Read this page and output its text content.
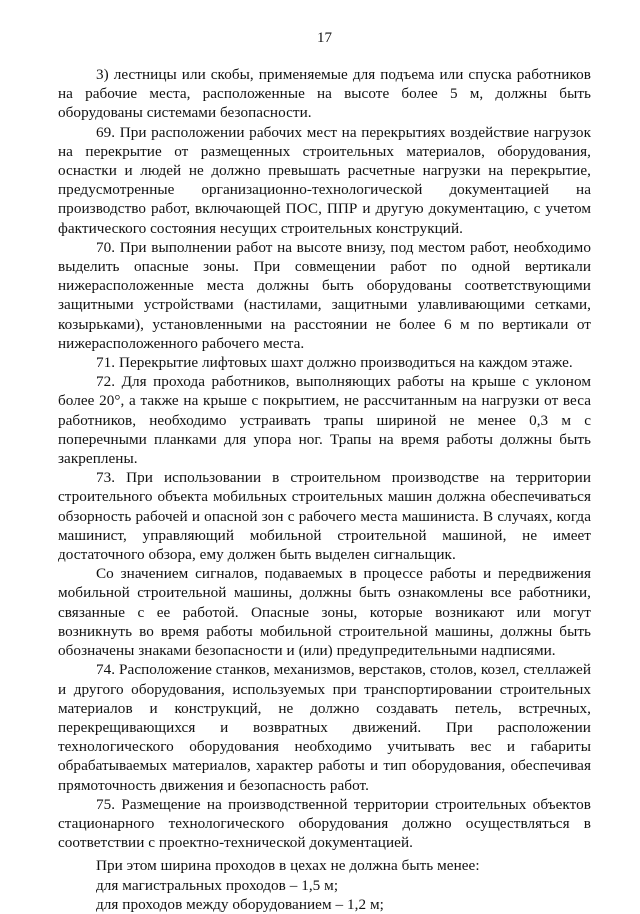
17

3) лестницы или скобы, применяемые для подъема или спуска работников на рабочие места, расположенные на высоте более 5 м, должны быть оборудованы системами безопасности.

69. При расположении рабочих мест на перекрытиях воздействие нагрузок на перекрытие от размещенных строительных материалов, оборудования, оснастки и людей не должно превышать расчетные нагрузки на перекрытие, предусмотренные организационно-технологической документацией на производство работ, включающей ПОС, ППР и другую документацию, с учетом фактического состояния несущих строительных конструкций.

70. При выполнении работ на высоте внизу, под местом работ, необходимо выделить опасные зоны. При совмещении работ по одной вертикали нижерасположенные места должны быть оборудованы соответствующими защитными устройствами (настилами, защитными улавливающими сетками, козырьками), установленными на расстоянии не более 6 м по вертикали от нижерасположенного рабочего места.

71. Перекрытие лифтовых шахт должно производиться на каждом этаже.

72. Для прохода работников, выполняющих работы на крыше с уклоном более 20°, а также на крыше с покрытием, не рассчитанным на нагрузки от веса работников, необходимо устраивать трапы шириной не менее 0,3 м с поперечными планками для упора ног. Трапы на время работы должны быть закреплены.

73. При использовании в строительном производстве на территории строительного объекта мобильных строительных машин должна обеспечиваться обзорность рабочей и опасной зон с рабочего места машиниста. В случаях, когда машинист, управляющий мобильной строительной машиной, не имеет достаточного обзора, ему должен быть выделен сигнальщик.

Со значением сигналов, подаваемых в процессе работы и передвижения мобильной строительной машины, должны быть ознакомлены все работники, связанные с ее работой. Опасные зоны, которые возникают или могут возникнуть во время работы мобильной строительной машины, должны быть обозначены знаками безопасности и (или) предупредительными надписями.

74. Расположение станков, механизмов, верстаков, столов, козел, стеллажей и другого оборудования, используемых при транспортировании строительных материалов и конструкций, не должно создавать петель, встречных, перекрещивающихся и возвратных движений. При расположении технологического оборудования необходимо учитывать вес и габариты обрабатываемых материалов, характер работы и тип оборудования, обеспечивая прямоточность движения и безопасность работ.

75. Размещение на производственной территории строительных объектов стационарного технологического оборудования должно осуществляться в соответствии с проектно-технической документацией.

При этом ширина проходов в цехах не должна быть менее:

для магистральных проходов – 1,5 м;

для проходов между оборудованием – 1,2 м;
